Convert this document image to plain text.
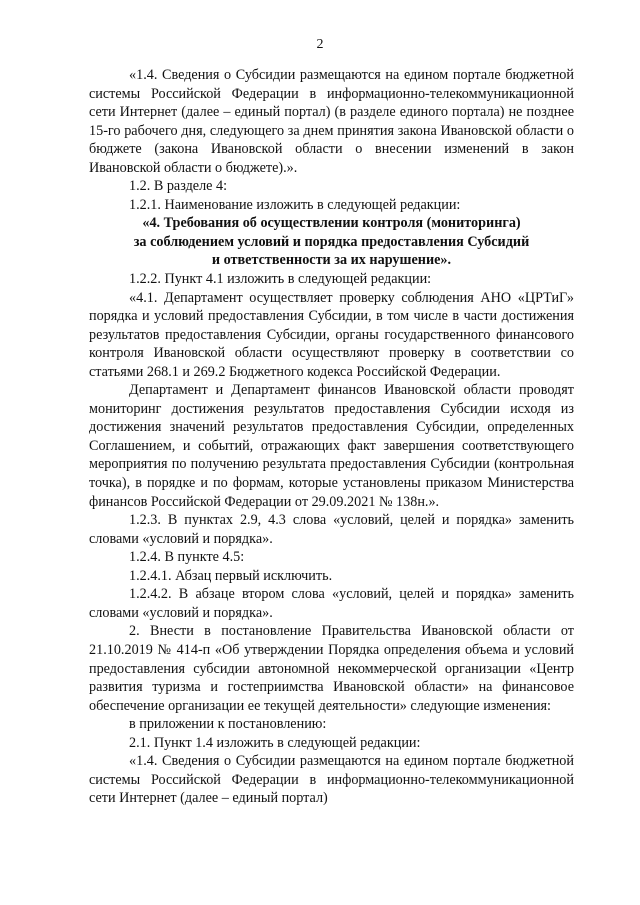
2

«1.4. Сведения о Субсидии размещаются на едином портале бюджетной системы Российской Федерации в информационно-телекоммуникационной сети Интернет (далее – единый портал) (в разделе единого портала) не позднее 15-го рабочего дня, следующего за днем принятия закона Ивановской области о бюджете (закона Ивановской области о внесении изменений в закон Ивановской области о бюджете).».

1.2. В разделе 4:

1.2.1. Наименование изложить в следующей редакции:

«4. Требования об осуществлении контроля (мониторинга)
за соблюдением условий и порядка предоставления Субсидий
и ответственности за их нарушение».

1.2.2. Пункт 4.1 изложить в следующей редакции:

«4.1. Департамент осуществляет проверку соблюдения АНО «ЦРТиГ» порядка и условий предоставления Субсидии, в том числе в части достижения результатов предоставления Субсидии, органы государственного финансового контроля Ивановской области осуществляют проверку в соответствии со статьями 268.1 и 269.2 Бюджетного кодекса Российской Федерации.

Департамент и Департамент финансов Ивановской области проводят мониторинг достижения результатов предоставления Субсидии исходя из достижения значений результатов предоставления Субсидии, определенных Соглашением, и событий, отражающих факт завершения соответствующего мероприятия по получению результата предоставления Субсидии (контрольная точка), в порядке и по формам, которые установлены приказом Министерства финансов Российской Федерации от 29.09.2021 № 138н.».

1.2.3. В пунктах 2.9, 4.3 слова «условий, целей и порядка» заменить словами «условий и порядка».

1.2.4. В пункте 4.5:

1.2.4.1. Абзац первый исключить.

1.2.4.2. В абзаце втором слова «условий, целей и порядка» заменить словами «условий и порядка».

2. Внести в постановление Правительства Ивановской области от 21.10.2019 № 414-п «Об утверждении Порядка определения объема и условий предоставления субсидии автономной некоммерческой организации «Центр развития туризма и гостеприимства Ивановской области» на финансовое обеспечение организации ее текущей деятельности» следующие изменения:

в приложении к постановлению:

2.1. Пункт 1.4 изложить в следующей редакции:

«1.4. Сведения о Субсидии размещаются на едином портале бюджетной системы Российской Федерации в информационно-телекоммуникационной сети Интернет (далее – единый портал)
